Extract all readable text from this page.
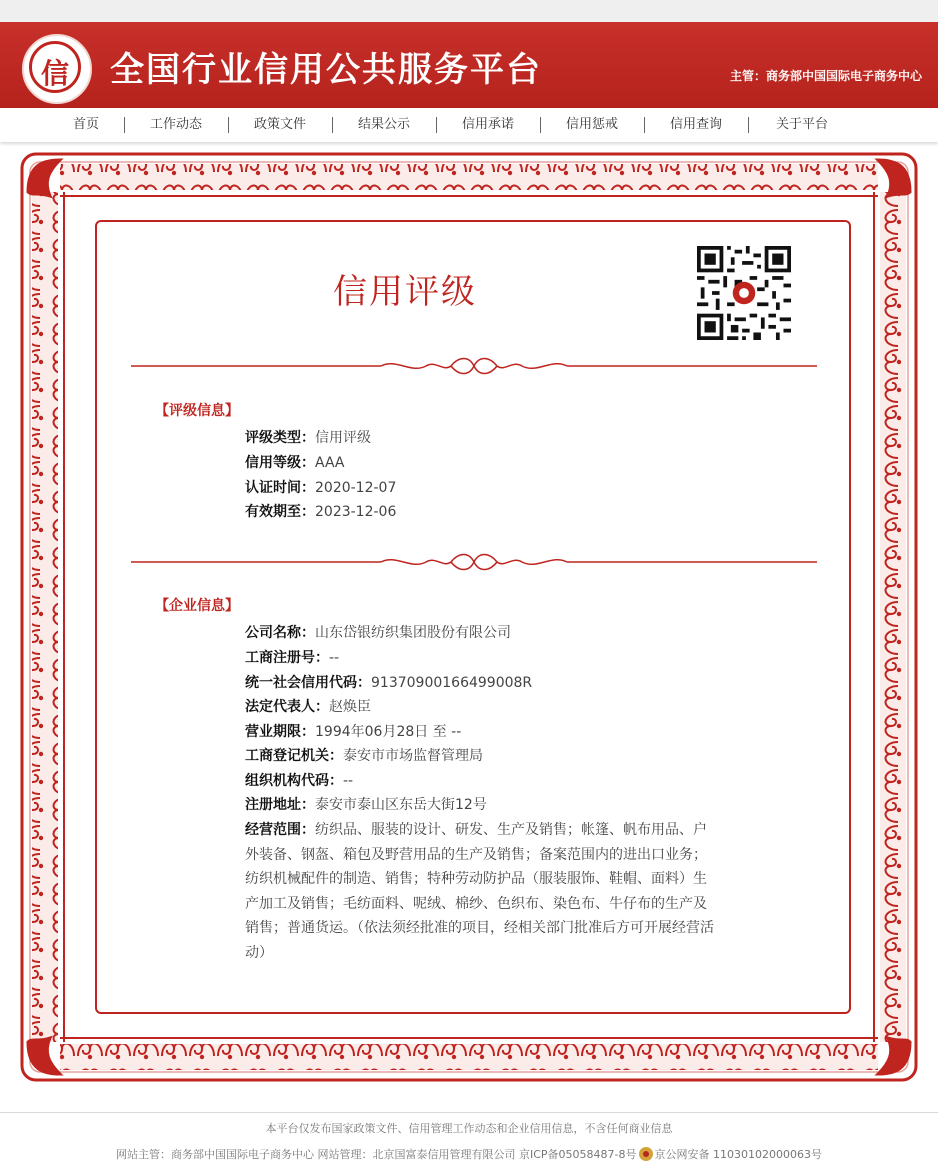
信 全国行业信用公共服务平台	主管：商务部中国国际电子商务中心
首页	工作动态	政策文件	结果公示	信用承诺	信用惩戒	信用查询	关于平台
信用评级
【评级信息】
评级类型：信用评级
信用等级：AAA
认证时间：2020-12-07
有效期至：2023-12-06
【企业信息】
公司名称：山东岱银纺织集团股份有限公司
工商注册号：--
统一社会信用代码：91370900166499008R
法定代表人：赵焕臣
营业期限：1994年06月28日 至 --
工商登记机关：泰安市市场监督管理局
组织机构代码：--
注册地址：泰安市泰山区东岳大街12号
经营范围：纺织品、服装的设计、研发、生产及销售；帐篷、帆布用品、户外装备、钢盔、箱包及野营用品的生产及销售；备案范围内的进出口业务；纺织机械配件的制造、销售；特种劳动防护品（服装服饰、鞋帽、面料）生产加工及销售；毛纺面料、呢绒、棉纱、色织布、染色布、牛仔布的生产及销售；普通货运。（依法须经批准的项目，经相关部门批准后方可开展经营活动）
本平台仅发布国家政策文件、信用管理工作动态和企业信用信息，不含任何商业信息
网站主管：商务部中国国际电子商务中心 网站管理：北京国富泰信用管理有限公司 京ICP备05058487-8号 京公网安备 11030102000063号
